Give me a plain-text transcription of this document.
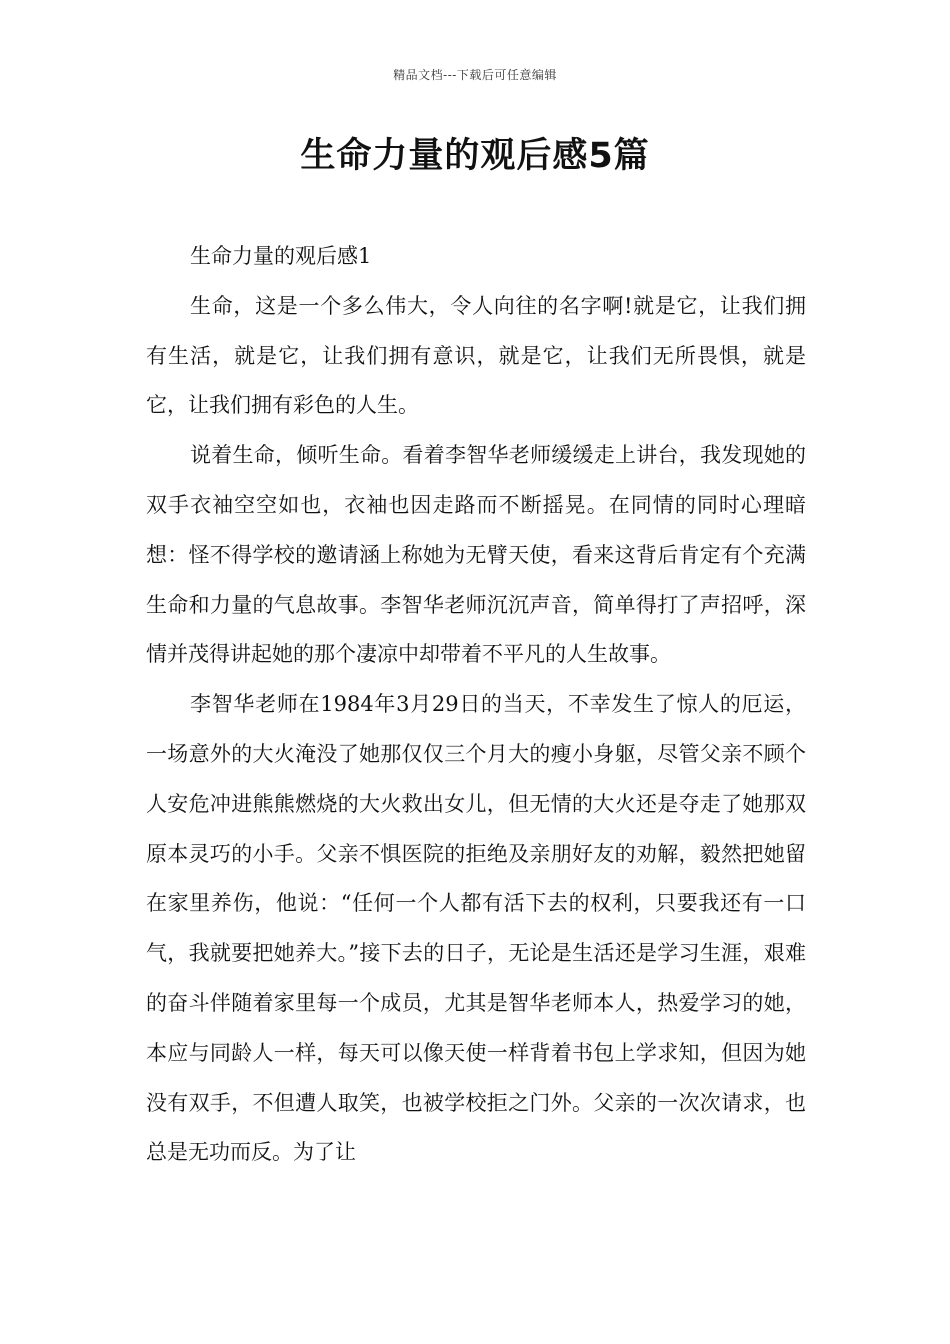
精品文档---下载后可任意编辑
生命力量的观后感5篇

生命力量的观后感1

生命，这是一个多么伟大，令人向往的名字啊!就是它，让我们拥有生活，就是它，让我们拥有意识，就是它，让我们无所畏惧，就是它，让我们拥有彩色的人生。

说着生命，倾听生命。看着李智华老师缓缓走上讲台，我发现她的双手衣袖空空如也，衣袖也因走路而不断摇晃。在同情的同时心理暗想：怪不得学校的邀请涵上称她为无臂天使，看来这背后肯定有个充满生命和力量的气息故事。李智华老师沉沉声音，简单得打了声招呼，深情并茂得讲起她的那个凄凉中却带着不平凡的人生故事。

李智华老师在1984年3月29日的当天，不幸发生了惊人的厄运，一场意外的大火淹没了她那仅仅三个月大的瘦小身躯，尽管父亲不顾个人安危冲进熊熊燃烧的大火救出女儿，但无情的大火还是夺走了她那双原本灵巧的小手。父亲不惧医院的拒绝及亲朋好友的劝解，毅然把她留在家里养伤，他说：“任何一个人都有活下去的权利，只要我还有一口气，我就要把她养大。”接下去的日子，无论是生活还是学习生涯，艰难的奋斗伴随着家里每一个成员，尤其是智华老师本人，热爱学习的她，本应与同龄人一样，每天可以像天使一样背着书包上学求知，但因为她没有双手，不但遭人取笑，也被学校拒之门外。父亲的一次次请求，也总是无功而反。为了让
